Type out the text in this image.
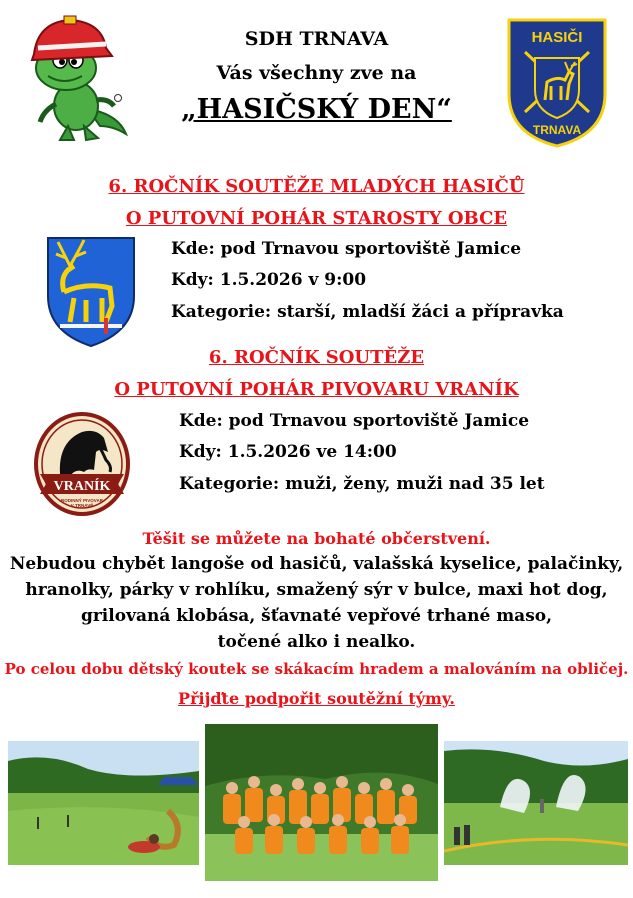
SDH TRNAVA
Vás všechny zve na
„HASIČSKÝ DEN“
HASIČI
TRNAVA
6. ROČNÍK SOUTĚŽE MLADÝCH HASIČŮ
O PUTOVNÍ POHÁR STAROSTY OBCE
Kde: pod Trnavou sportoviště Jamice
Kdy: 1.5.2026 v 9:00
Kategorie: starší, mladší žáci a přípravka
6. ROČNÍK SOUTĚŽE
O PUTOVNÍ POHÁR PIVOVARU VRANÍK
VRANÍK
RODINNÝ PIVOVAR
V TRNAVĚ
Kde: pod Trnavou sportoviště Jamice
Kdy: 1.5.2026 ve 14:00
Kategorie: muži, ženy, muži nad 35 let
Těšit se můžete na bohaté občerstvení.
Nebudou chybět langoše od hasičů, valašská kyselice, palačinky,
hranolky, párky v rohlíku, smažený sýr v bulce, maxi hot dog,
grilovaná klobása, šťavnaté vepřové trhané maso,
točené alko i nealko.
Po celou dobu dětský koutek se skákacím hradem a malováním na obličej.
Přijďte podpořit soutěžní týmy.
